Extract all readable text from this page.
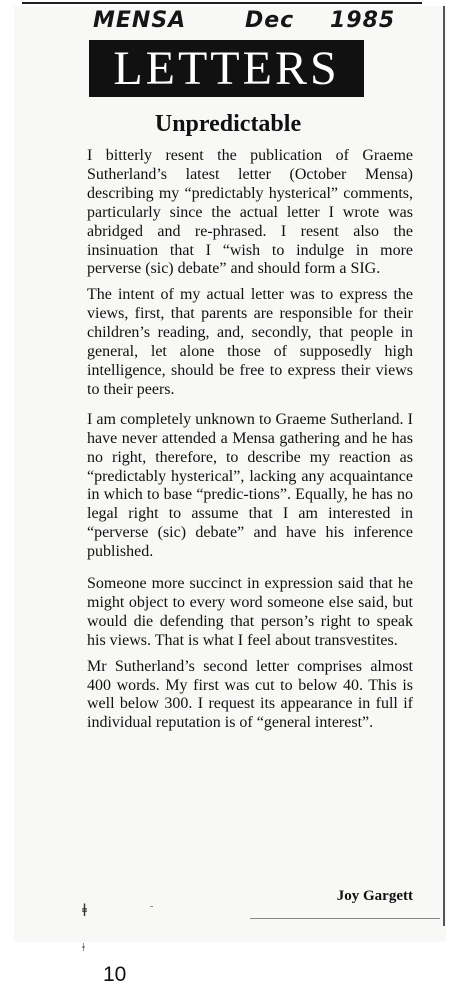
MENSA	Dec 1985
LETTERS
Unpredictable

I bitterly resent the publication of Graeme Sutherland’s latest letter (October Mensa) describing my “predictably hysterical” comments, particularly since the actual letter I wrote was abridged and re-phrased. I resent also the insinuation that I “wish to indulge in more perverse (sic) debate” and should form a SIG.

The intent of my actual letter was to express the views, first, that parents are responsible for their children’s reading, and, secondly, that people in general, let alone those of supposedly high intelligence, should be free to express their views to their peers.

I am completely unknown to Graeme Sutherland. I have never attended a Mensa gathering and he has no right, therefore, to describe my reaction as “predictably hysterical”, lacking any acquaintance in which to base “predic-tions”. Equally, he has no legal right to assume that I am interested in “perverse (sic) debate” and have his inference published.

Someone more succinct in expression said that he might object to every word someone else said, but would die defending that person’s right to speak his views. That is what I feel about transvestites.

Mr Sutherland’s second letter comprises almost 400 words. My first was cut to below 40. This is well below 300. I request its appearance in full if individual reputation is of “general interest”.

Joy Gargett
ǂ
ǂ
-
10
